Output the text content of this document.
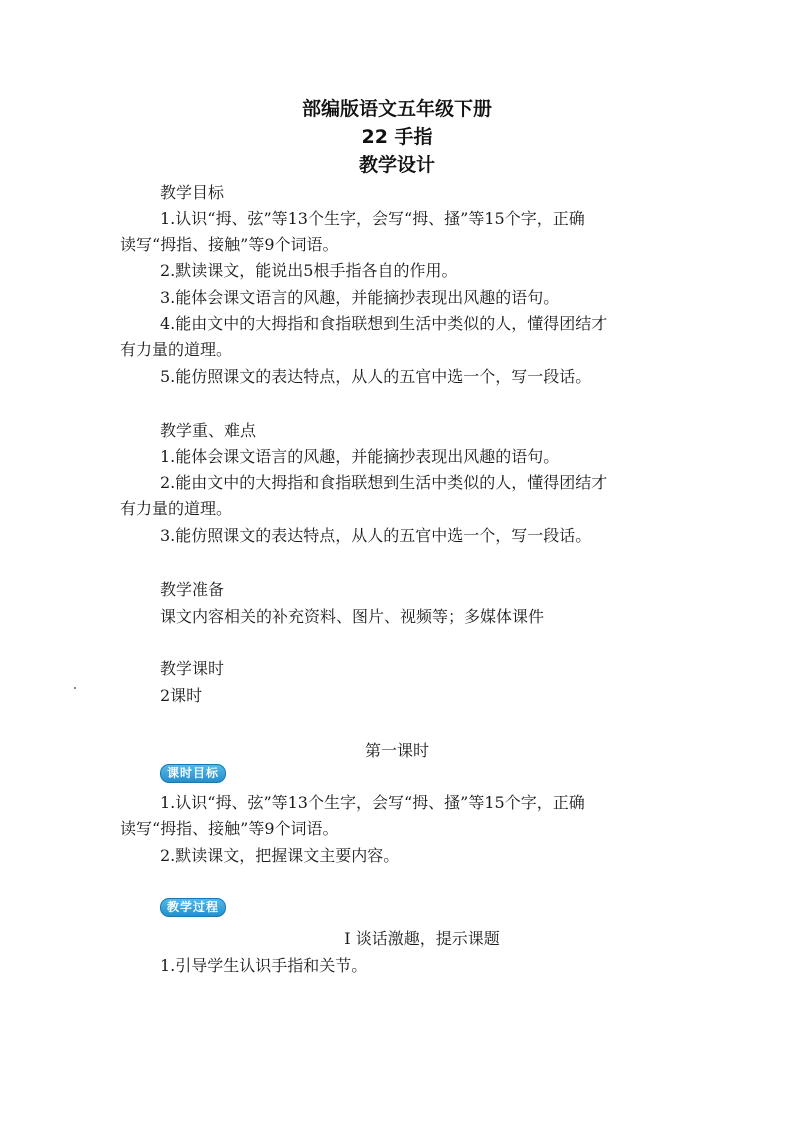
部编版语文五年级下册
22 手指
教学设计
教学目标
1.认识“拇、弦”等13个生字，会写“拇、搔”等15个字，正确
读写“拇指、接触”等9个词语。
2.默读课文，能说出5根手指各自的作用。
3.能体会课文语言的风趣，并能摘抄表现出风趣的语句。
4.能由文中的大拇指和食指联想到生活中类似的人，懂得团结才
有力量的道理。
5.能仿照课文的表达特点，从人的五官中选一个，写一段话。
教学重、难点
1.能体会课文语言的风趣，并能摘抄表现出风趣的语句。
2.能由文中的大拇指和食指联想到生活中类似的人，懂得团结才
有力量的道理。
3.能仿照课文的表达特点，从人的五官中选一个，写一段话。
教学准备
课文内容相关的补充资料、图片、视频等；多媒体课件
教学课时
2课时
第一课时
课时目标
1.认识“拇、弦”等13个生字，会写“拇、搔”等15个字，正确
读写“拇指、接触”等9个词语。
2.默读课文，把握课文主要内容。
教学过程
Ⅰ 谈话激趣，提示课题
1.引导学生认识手指和关节。
